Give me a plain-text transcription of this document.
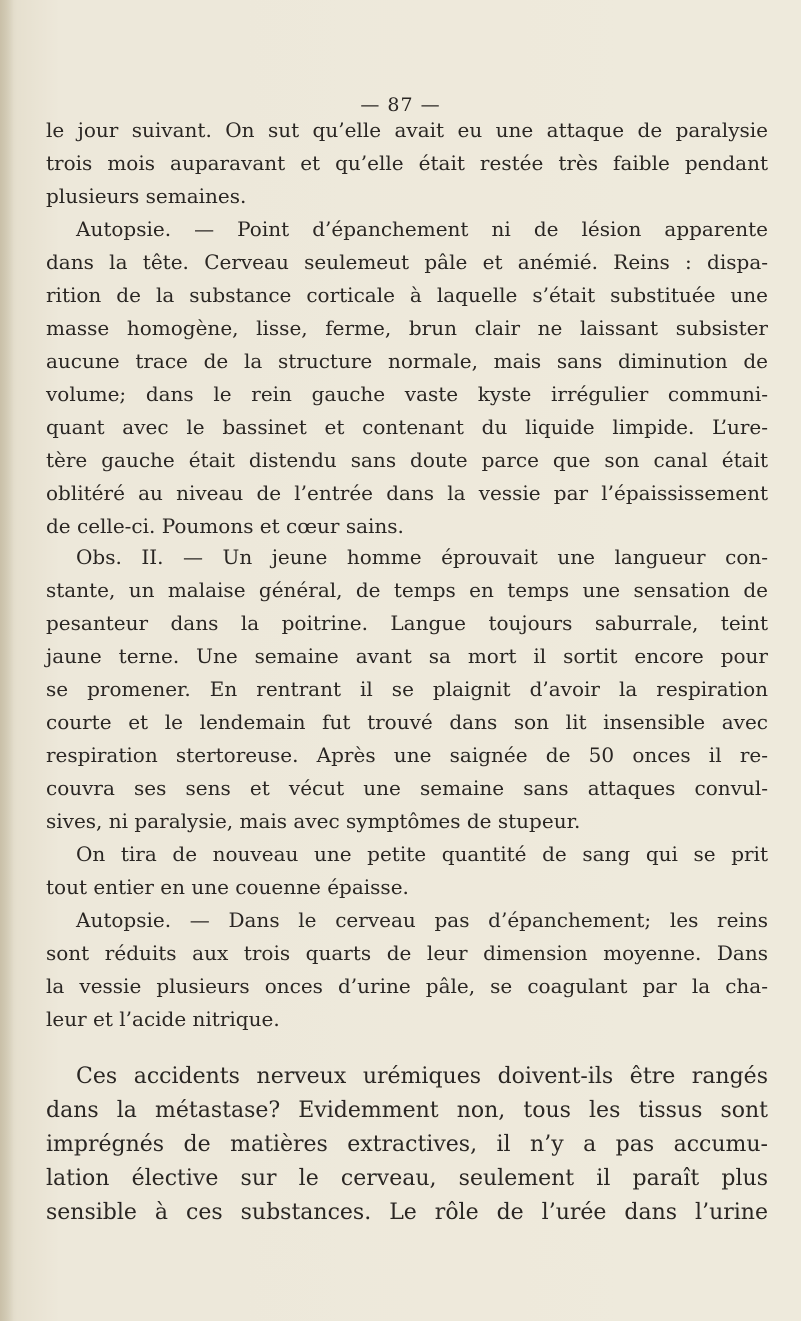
— 87 —
le jour suivant. On sut qu’elle avait eu une attaque de paralysie
trois mois auparavant et qu’elle était restée très faible pendant
plusieurs semaines.
Autopsie. — Point d’épanchement ni de lésion apparente
dans la tête. Cerveau seulemeut pâle et anémié. Reins : dispa-
rition de la substance corticale à laquelle s’était substituée une
masse homogène, lisse, ferme, brun clair ne laissant subsister
aucune trace de la structure normale, mais sans diminution de
volume; dans le rein gauche vaste kyste irrégulier communi-
quant avec le bassinet et contenant du liquide limpide. L’ure-
tère gauche était distendu sans doute parce que son canal était
oblitéré au niveau de l’entrée dans la vessie par l’épaississement
de celle-ci. Poumons et cœur sains.
Obs. II. — Un jeune homme éprouvait une langueur con-
stante, un malaise général, de temps en temps une sensation de
pesanteur dans la poitrine. Langue toujours saburrale, teint
jaune terne. Une semaine avant sa mort il sortit encore pour
se promener. En rentrant il se plaignit d’avoir la respiration
courte et le lendemain fut trouvé dans son lit insensible avec
respiration stertoreuse. Après une saignée de 50 onces il re-
couvra ses sens et vécut une semaine sans attaques convul-
sives, ni paralysie, mais avec symptômes de stupeur.
On tira de nouveau une petite quantité de sang qui se prit
tout entier en une couenne épaisse.
Autopsie. — Dans le cerveau pas d’épanchement; les reins
sont réduits aux trois quarts de leur dimension moyenne. Dans
la vessie plusieurs onces d’urine pâle, se coagulant par la cha-
leur et l’acide nitrique.
Ces accidents nerveux urémiques doivent-ils être rangés
dans la métastase? Evidemment non, tous les tissus sont
imprégnés de matières extractives, il n’y a pas accumu-
lation élective sur le cerveau, seulement il paraît plus
sensible à ces substances. Le rôle de l’urée dans l’urine
